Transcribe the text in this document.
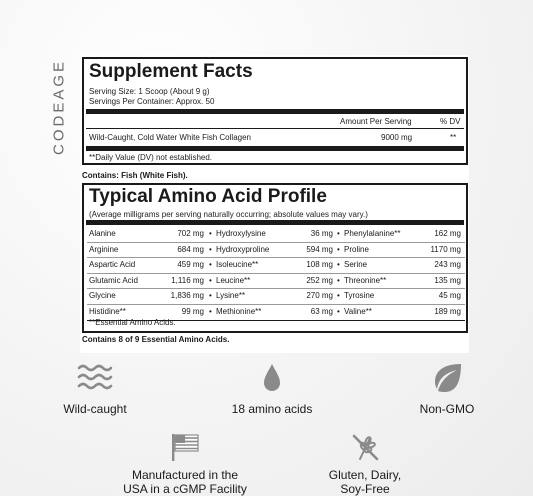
CODEAGE Supplement Facts
Serving Size: 1 Scoop (About 9 g)
Servings Per Container: Approx. 50
Amount Per Serving	% DV
Wild-Caught, Cold Water White Fish Collagen	9000 mg	**
**Daily Value (DV) not established.
Contains: Fish (White Fish).
Typical Amino Acid Profile
(Average milligrams per serving naturally occurring; absolute values may vary.)
Alanine	702 mg • Hydroxylysine	36 mg • Phenylalanine**	162 mg
Arginine	684 mg • Hydroxyproline	594 mg • Proline	1170 mg
Aspartic Acid	459 mg • Isoleucine**	108 mg • Serine	243 mg
Glutamic Acid	1,116 mg • Leucine**	252 mg • Threonine**	135 mg
Glycine	1,836 mg • Lysine**	270 mg • Tyrosine	45 mg
Histidine**	99 mg • Methionine**	63 mg • Valine**	189 mg
**Essential Amino Acids.
Contains 8 of 9 Essential Amino Acids.
Wild-caught	18 amino acids	Non-GMO
Manufactured in the
USA in a cGMP Facility
Gluten, Dairy,
Soy-Free
